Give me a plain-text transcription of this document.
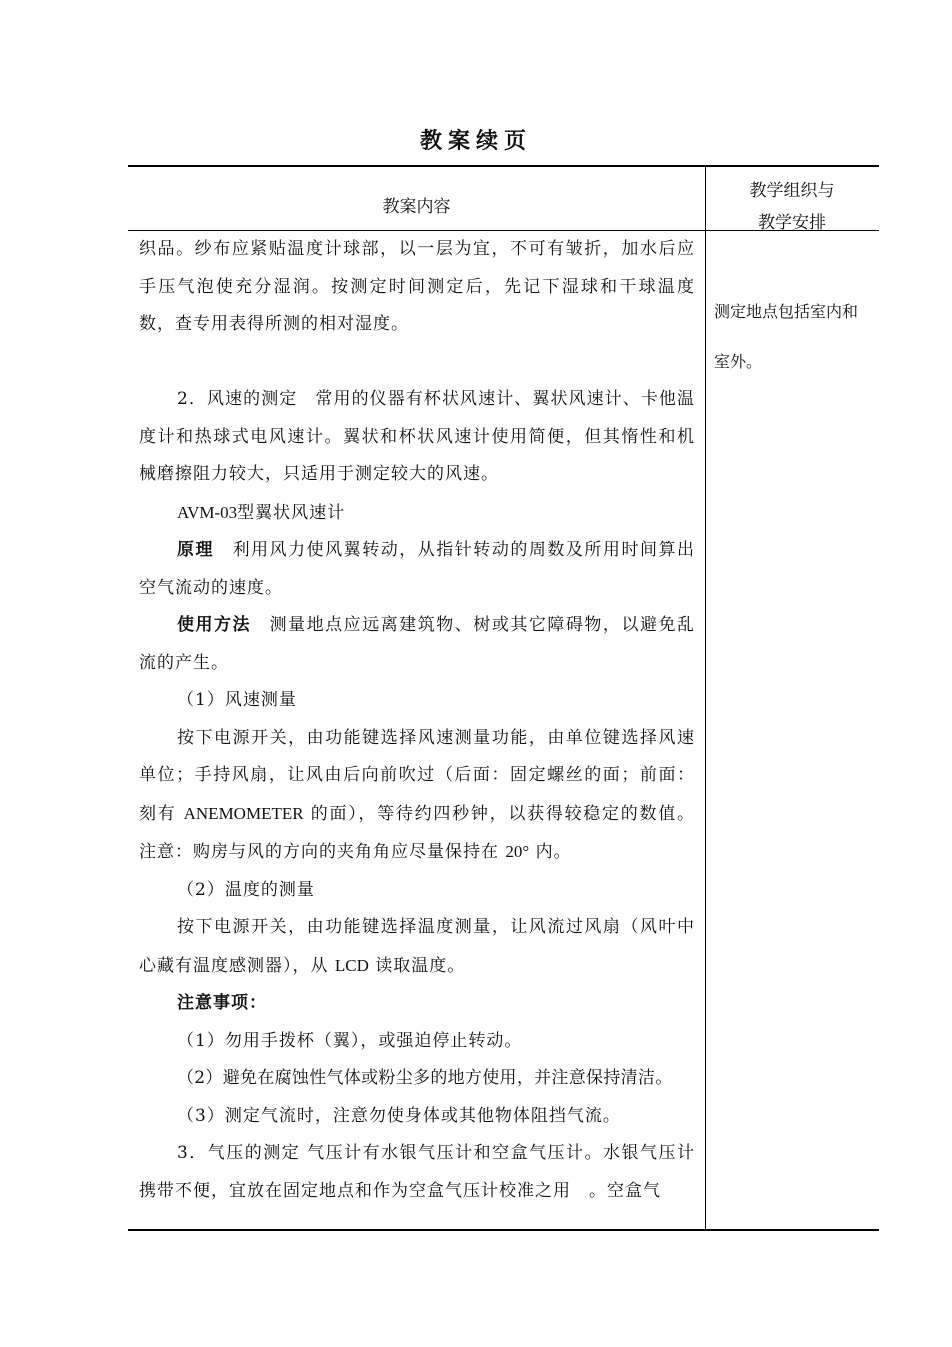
教案续页
教案内容
教学组织与
教学安排

织品。纱布应紧贴温度计球部，以一层为宜，不可有皱折，加水后应手压气泡使充分湿润。按测定时间测定后，先记下湿球和干球温度数，查专用表得所测的相对湿度。

2．风速的测定　常用的仪器有杯状风速计、翼状风速计、卡他温度计和热球式电风速计。翼状和杯状风速计使用简便，但其惰性和机械磨擦阻力较大，只适用于测定较大的风速。

AVM-03型翼状风速计

原理　利用风力使风翼转动，从指针转动的周数及所用时间算出空气流动的速度。

使用方法　测量地点应远离建筑物、树或其它障碍物，以避免乱流的产生。

（1）风速测量

按下电源开关，由功能键选择风速测量功能，由单位键选择风速单位；手持风扇，让风由后向前吹过（后面：固定螺丝的面；前面：刻有 ANEMOMETER 的面），等待约四秒钟，以获得较稳定的数值。注意：购房与风的方向的夹角角应尽量保持在 20° 内。

（2）温度的测量

按下电源开关，由功能键选择温度测量，让风流过风扇（风叶中心藏有温度感测器），从 LCD 读取温度。

注意事项：

（1）勿用手拨杯（翼），或强迫停止转动。

（2）避免在腐蚀性气体或粉尘多的地方使用，并注意保持清洁。

（3）测定气流时，注意勿使身体或其他物体阻挡气流。

3．气压的测定 气压计有水银气压计和空盒气压计。水银气压计携带不便，宜放在固定地点和作为空盒气压计校准之用　。空盒气

测定地点包括室内和
室外。
